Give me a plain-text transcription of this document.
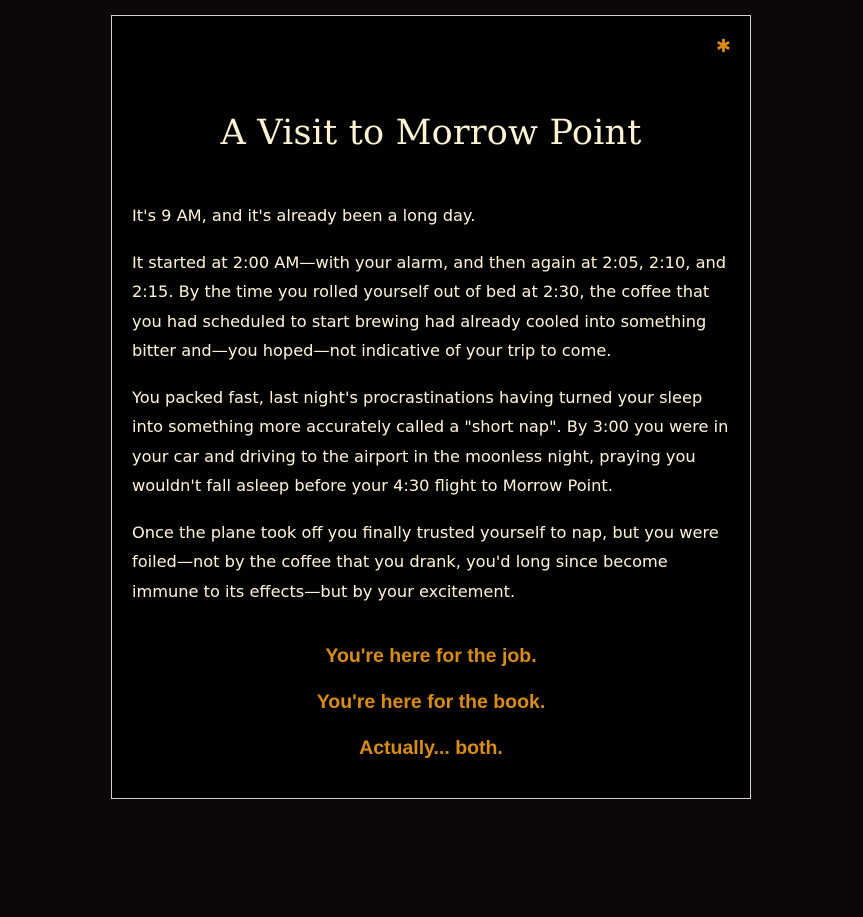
✱
A Visit to Morrow Point

It's 9 AM, and it's already been a long day.

It started at 2:00 AM—with your alarm, and then again at 2:05, 2:10, and 2:15. By the time you rolled yourself out of bed at 2:30, the coffee that you had scheduled to start brewing had already cooled into something bitter and—you hoped—not indicative of your trip to come.

You packed fast, last night's procrastinations having turned your sleep into something more accurately called a "short nap". By 3:00 you were in your car and driving to the airport in the moonless night, praying you wouldn't fall asleep before your 4:30 flight to Morrow Point.

Once the plane took off you finally trusted yourself to nap, but you were foiled—not by the coffee that you drank, you'd long since become immune to its effects—but by your excitement.

You're here for the job.
You're here for the book.
Actually... both.
